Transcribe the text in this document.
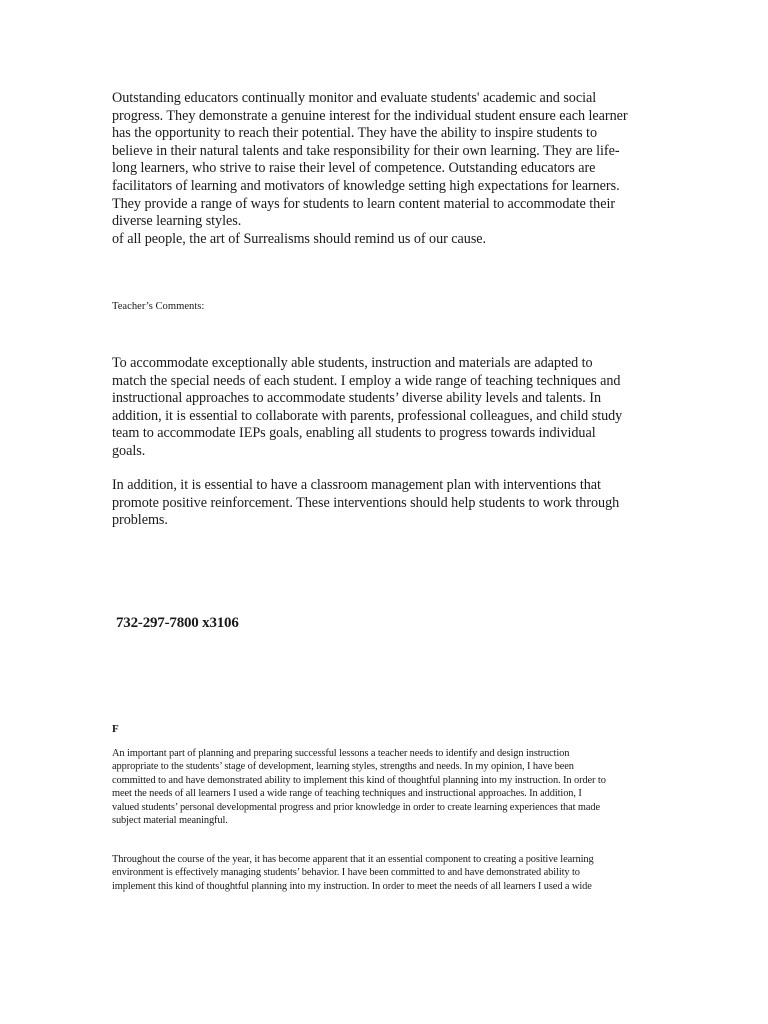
Outstanding educators continually monitor and evaluate students' academic and social
progress. They demonstrate a genuine interest for the individual student ensure each learner
has the opportunity to reach their potential. They have the ability to inspire students to
believe in their natural talents and take responsibility for their own learning. They are life-
long learners, who strive to raise their level of competence. Outstanding educators are
facilitators of learning and motivators of knowledge setting high expectations for learners.
They provide a range of ways for students to learn content material to accommodate their
diverse learning styles.
of all people, the art of Surrealisms should remind us of our cause.

Teacher’s Comments:

To accommodate exceptionally able students, instruction and materials are adapted to
match the special needs of each student. I employ a wide range of teaching techniques and
instructional approaches to accommodate students’ diverse ability levels and talents. In
addition, it is essential to collaborate with parents, professional colleagues, and child study
team to accommodate IEPs goals, enabling all students to progress towards individual
goals.

In addition, it is essential to have a classroom management plan with interventions that
promote positive reinforcement. These interventions should help students to work through
problems.

732-297-7800 x3106

F

An important part of planning and preparing successful lessons a teacher needs to identify and design instruction
appropriate to the students’ stage of development, learning styles, strengths and needs. In my opinion, I have been
committed to and have demonstrated ability to implement this kind of thoughtful planning into my instruction. In order to
meet the needs of all learners I used a wide range of teaching techniques and instructional approaches. In addition, I
valued students’ personal developmental progress and prior knowledge in order to create learning experiences that made
subject material meaningful.

Throughout the course of the year, it has become apparent that it an essential component to creating a positive learning
environment is effectively managing students’ behavior. I have been committed to and have demonstrated ability to
implement this kind of thoughtful planning into my instruction. In order to meet the needs of all learners I used a wide
